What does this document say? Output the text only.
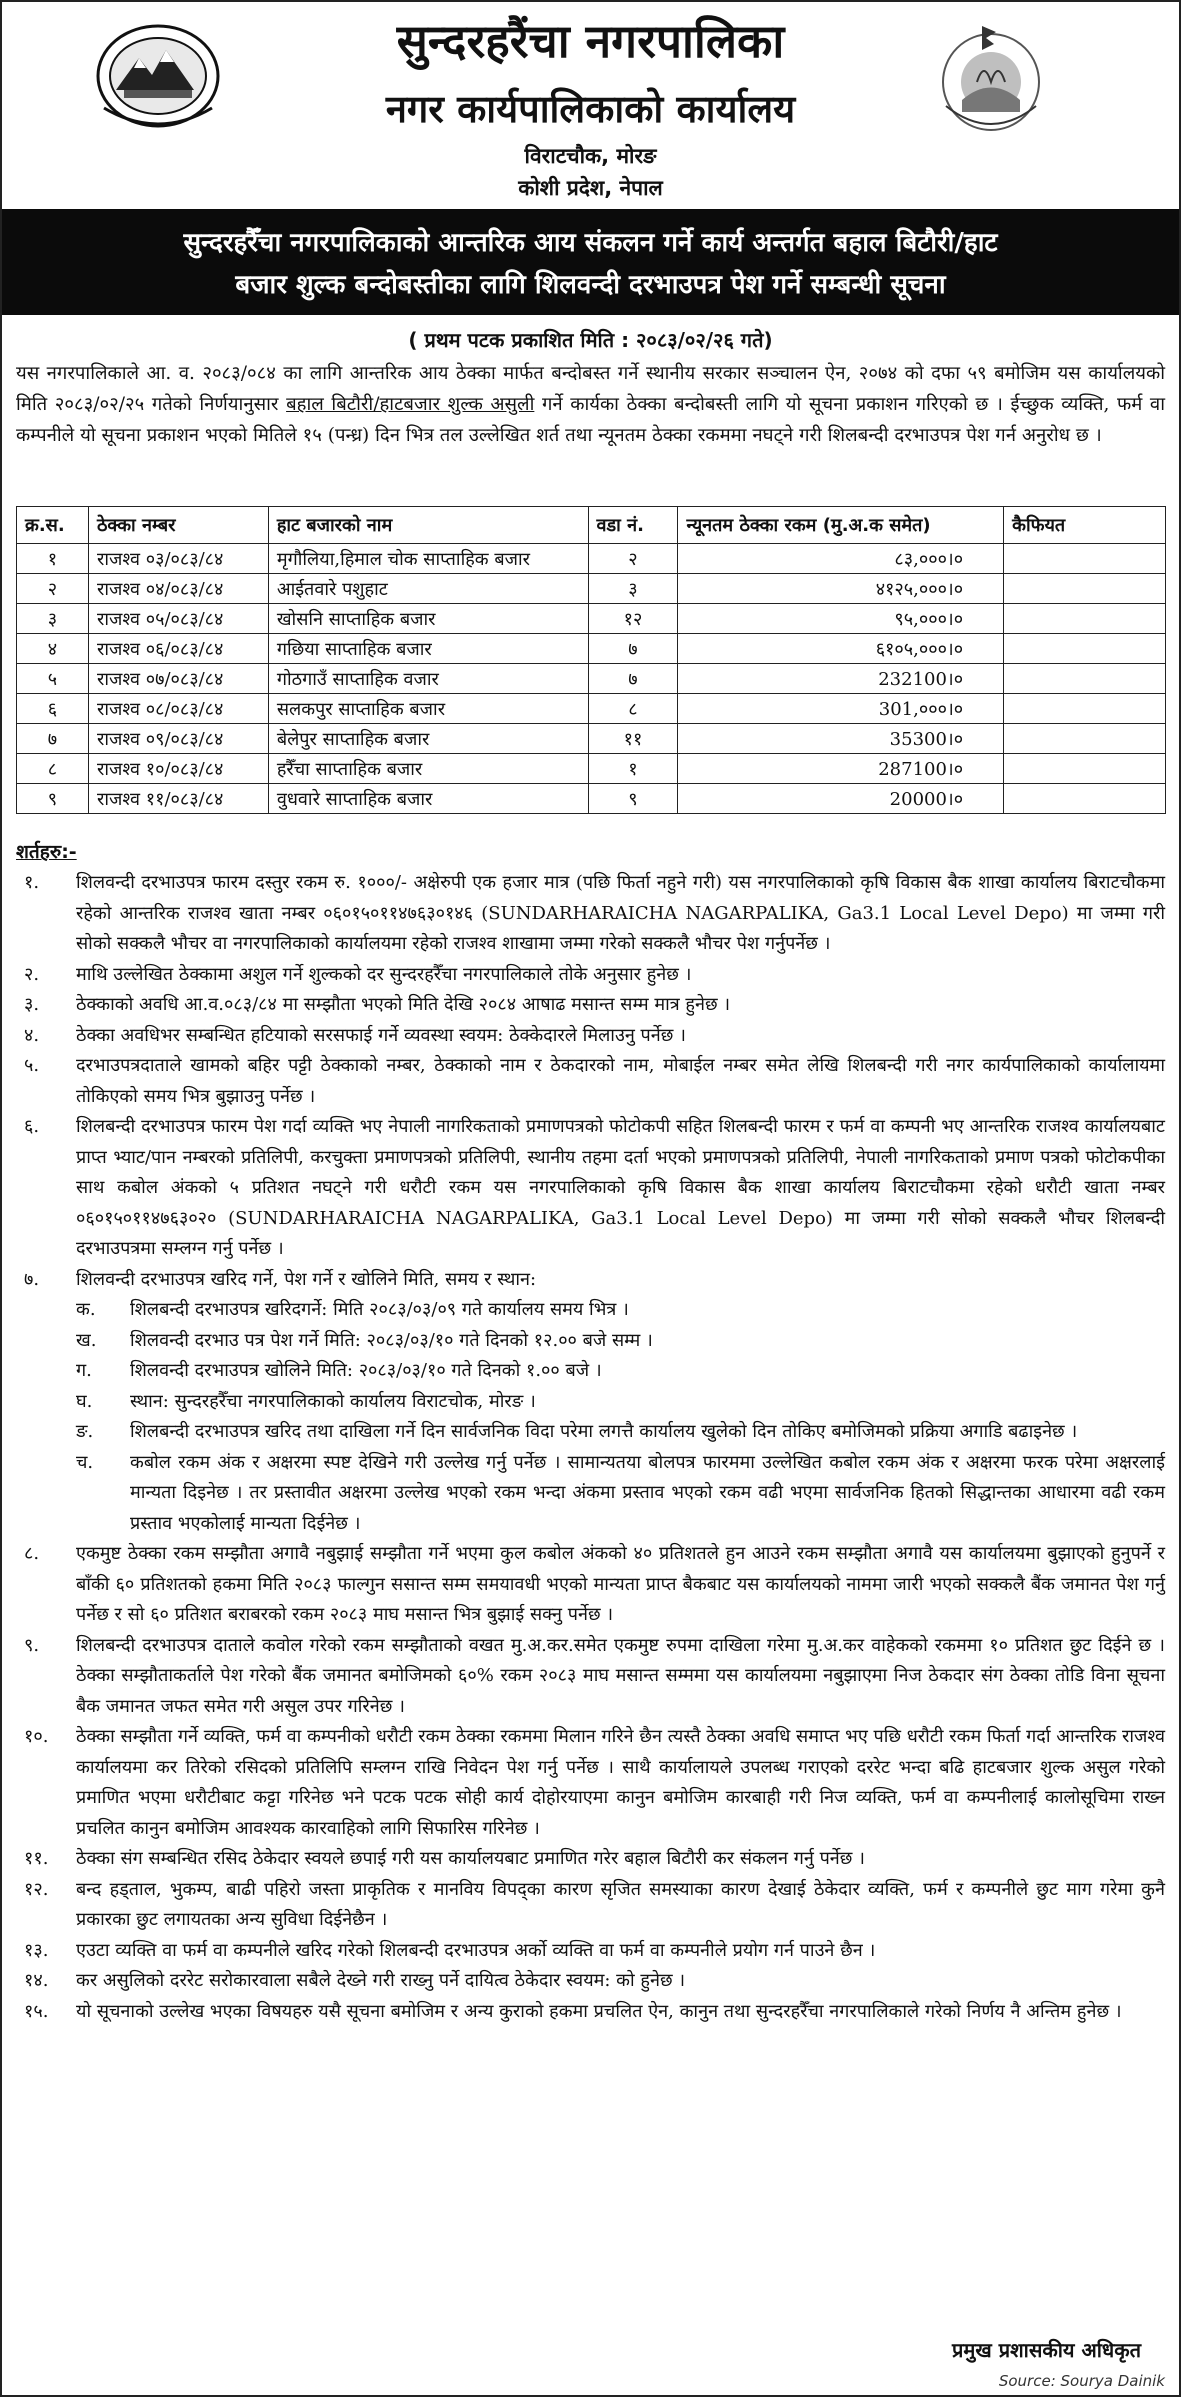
सुन्दरहरैंचा नगरपालिका
नगर कार्यपालिकाको कार्यालय
विराटचौक, मोरङ
कोशी प्रदेश, नेपाल
सुन्दरहरैँचा नगरपालिकाको आन्तरिक आय संकलन गर्ने कार्य अन्तर्गत बहाल बिटौरी/हाट
बजार शुल्क बन्दोबस्तीका लागि शिलवन्दी दरभाउपत्र पेश गर्ने सम्बन्धी सूचना
( प्रथम पटक प्रकाशित मिति : २०८३/०२/२६ गते)
यस नगरपालिकाले आ. व. २०८३/०८४ का लागि आन्तरिक आय ठेक्का मार्फत बन्दोबस्त गर्ने स्थानीय सरकार सञ्चालन ऐन, २०७४ को दफा ५९ बमोजिम यस कार्यालयको मिति २०८३/०२/२५ गतेको निर्णयानुसार बहाल बिटौरी/हाटबजार शुल्क असुली गर्ने कार्यका ठेक्का बन्दोबस्ती लागि यो सूचना प्रकाशन गरिएको छ । ईच्छुक व्यक्ति, फर्म वा कम्पनीले यो सूचना प्रकाशन भएको मितिले १५ (पन्ध्र) दिन भित्र तल उल्लेखित शर्त तथा न्यूनतम ठेक्का रकममा नघट्ने गरी शिलबन्दी दरभाउपत्र पेश गर्न अनुरोध छ ।
क्र.स.	ठेक्का नम्बर	हाट बजारको नाम	वडा नं.	न्यूनतम ठेक्का रकम (मु.अ.क समेत)	कैफियत
१	राजश्व ०३/०८३/८४	मृगौलिया,हिमाल चोक साप्ताहिक बजार	२	८३,०००।०	
२	राजश्व ०४/०८३/८४	आईतवारे पशुहाट	३	४१२५,०००।०	
३	राजश्व ०५/०८३/८४	खोसनि साप्ताहिक बजार	१२	९५,०००।०	
४	राजश्व ०६/०८३/८४	गछिया साप्ताहिक बजार	७	६१०५,०००।०	
५	राजश्व ०७/०८३/८४	गोठगाउँ साप्ताहिक वजार	७	232100।०	
६	राजश्व ०८/०८३/८४	सलकपुर साप्ताहिक बजार	८	301,०००।०	
७	राजश्व ०९/०८३/८४	बेलेपुर साप्ताहिक बजार	११	35300।०	
८	राजश्व १०/०८३/८४	हरैँचा साप्ताहिक बजार	१	287100।०	
९	राजश्व ११/०८३/८४	वुधवारे साप्ताहिक बजार	९	20000।०	
शर्तहरु:-
१.	शिलवन्दी दरभाउपत्र फारम दस्तुर रकम रु. १०००/- अक्षेरुपी एक हजार मात्र (पछि फिर्ता नहुने गरी) यस नगरपालिकाको कृषि विकास बैक शाखा कार्यालय बिराटचौकमा रहेको आन्तरिक राजश्व खाता नम्बर ०६०१५०११४७६३०१४६ (SUNDARHARAICHA NAGARPALIKA, Ga3.1 Local Level Depo) मा जम्मा गरी सोको सक्कलै भौचर वा नगरपालिकाको कार्यालयमा रहेको राजश्व शाखामा जम्मा गरेको सक्कलै भौचर पेश गर्नुपर्नेछ ।
२.	माथि उल्लेखित ठेक्कामा अशुल गर्ने शुल्कको दर सुन्दरहरैँचा नगरपालिकाले तोके अनुसार हुनेछ ।
३.	ठेक्काको अवधि आ.व.०८३/८४ मा सम्झौता भएको मिति देखि २०८४ आषाढ मसान्त सम्म मात्र हुनेछ ।
४.	ठेक्का अवधिभर सम्बन्धित हटियाको सरसफाई गर्ने व्यवस्था स्वयम: ठेक्केदारले मिलाउनु पर्नेछ ।
५.	दरभाउपत्रदाताले खामको बहिर पट्टी ठेक्काको नम्बर, ठेक्काको नाम र ठेकदारको नाम, मोबाईल नम्बर समेत लेखि शिलबन्दी गरी नगर कार्यपालिकाको कार्यालायमा तोकिएको समय भित्र बुझाउनु पर्नेछ ।
६.	शिलबन्दी दरभाउपत्र फारम पेश गर्दा व्यक्ति भए नेपाली नागरिकताको प्रमाणपत्रको फोटोकपी सहित शिलबन्दी फारम र फर्म वा कम्पनी भए आन्तरिक राजश्व कार्यालयबाट प्राप्त भ्याट/पान नम्बरको प्रतिलिपी, करचुक्ता प्रमाणपत्रको प्रतिलिपी, स्थानीय तहमा दर्ता भएको प्रमाणपत्रको प्रतिलिपी, नेपाली नागरिकताको प्रमाण पत्रको फोटोकपीका साथ कबोल अंकको ५ प्रतिशत नघट्ने गरी धरौटी रकम यस नगरपालिकाको कृषि विकास बैक शाखा कार्यालय बिराटचौकमा रहेको धरौटी खाता नम्बर ०६०१५०११४७६३०२० (SUNDARHARAICHA NAGARPALIKA, Ga3.1 Local Level Depo) मा जम्मा गरी सोको सक्कलै भौचर शिलबन्दी दरभाउपत्रमा सम्लग्न गर्नु पर्नेछ ।
७.	शिलवन्दी दरभाउपत्र खरिद गर्ने, पेश गर्ने र खोलिने मिति, समय र स्थान:
क.	शिलबन्दी दरभाउपत्र खरिदगर्ने: मिति २०८३/०३/०९ गते कार्यालय समय भित्र ।
ख.	शिलवन्दी दरभाउ पत्र पेश गर्ने मिति: २०८३/०३/१० गते दिनको १२.०० बजे सम्म ।
ग.	शिलवन्दी दरभाउपत्र खोलिने मिति: २०८३/०३/१० गते दिनको १.०० बजे ।
घ.	स्थान: सुन्दरहरैँचा नगरपालिकाको कार्यालय विराटचोक, मोरङ ।
ङ.	शिलबन्दी दरभाउपत्र खरिद तथा दाखिला गर्ने दिन सार्वजनिक विदा परेमा लगत्तै कार्यालय खुलेको दिन तोकिए बमोजिमको प्रक्रिया अगाडि बढाइनेछ ।
च.	कबोल रकम अंक र अक्षरमा स्पष्ट देखिने गरी उल्लेख गर्नु पर्नेछ । सामान्यतया बोलपत्र फारममा उल्लेखित कबोल रकम अंक र अक्षरमा फरक परेमा अक्षरलाई मान्यता दिइनेछ । तर प्रस्तावीत अक्षरमा उल्लेख भएको रकम भन्दा अंकमा प्रस्ताव भएको रकम वढी भएमा सार्वजनिक हितको सिद्धान्तका आधारमा वढी रकम प्रस्ताव भएकोलाई मान्यता दिईनेछ ।
८.	एकमुष्ट ठेक्का रकम सम्झौता अगावै नबुझाई सम्झौता गर्ने भएमा कुल कबोल अंकको ४० प्रतिशतले हुन आउने रकम सम्झौता अगावै यस कार्यालयमा बुझाएको हुनुपर्ने र बाँकी ६० प्रतिशतको हकमा मिति २०८३ फाल्गुन ससान्त सम्म समयावधी भएको मान्यता प्राप्त बैकबाट यस कार्यालयको नाममा जारी भएको सक्कलै बैंक जमानत पेश गर्नु पर्नेछ र सो ६० प्रतिशत बराबरको रकम २०८३ माघ मसान्त भित्र बुझाई सक्नु पर्नेछ ।
९.	शिलबन्दी दरभाउपत्र दाताले कवोल गरेको रकम सम्झौताको वखत मु.अ.कर.समेत एकमुष्ट रुपमा दाखिला गरेमा मु.अ.कर वाहेकको रकममा १० प्रतिशत छुट दिईने छ । ठेक्का सम्झौताकर्ताले पेश गरेको बैंक जमानत बमोजिमको ६०% रकम २०८३ माघ मसान्त सम्ममा यस कार्यालयमा नबुझाएमा निज ठेकदार संग ठेक्का तोडि विना सूचना बैक जमानत जफत समेत गरी असुल उपर गरिनेछ ।
१०.	ठेक्का सम्झौता गर्ने व्यक्ति, फर्म वा कम्पनीको धरौटी रकम ठेक्का रकममा मिलान गरिने छैन त्यस्तै ठेक्का अवधि समाप्त भए पछि धरौटी रकम फिर्ता गर्दा आन्तरिक राजश्व कार्यालयमा कर तिरेको रसिदको प्रतिलिपि सम्लग्न राखि निवेदन पेश गर्नु पर्नेछ । साथै कार्यालायले उपलब्ध गराएको दररेट भन्दा बढि हाटबजार शुल्क असुल गरेको प्रमाणित भएमा धरौटीबाट कट्टा गरिनेछ भने पटक पटक सोही कार्य दोहोरयाएमा कानुन बमोजिम कारबाही गरी निज व्यक्ति, फर्म वा कम्पनीलाई कालोसूचिमा राख्न प्रचलित कानुन बमोजिम आवश्यक कारवाहिको लागि सिफारिस गरिनेछ ।
११.	ठेक्का संग सम्बन्धित रसिद ठेकेदार स्वयले छपाई गरी यस कार्यालयबाट प्रमाणित गरेर बहाल बिटौरी कर संकलन गर्नु पर्नेछ ।
१२.	बन्द हड्ताल, भुकम्प, बाढी पहिरो जस्ता प्राकृतिक र मानविय विपद्का कारण सृजित समस्याका कारण देखाई ठेकेदार व्यक्ति, फर्म र कम्पनीले छुट माग गरेमा कुनै प्रकारका छुट लगायतका अन्य सुविधा दिईनेछैन ।
१३.	एउटा व्यक्ति वा फर्म वा कम्पनीले खरिद गरेको शिलबन्दी दरभाउपत्र अर्को व्यक्ति वा फर्म वा कम्पनीले प्रयोग गर्न पाउने छैन ।
१४.	कर असुलिको दररेट सरोकारवाला सबैले देख्ने गरी राख्नु पर्ने दायित्व ठेकेदार स्वयम: को हुनेछ ।
१५.	यो सूचनाको उल्लेख भएका विषयहरु यसै सूचना बमोजिम र अन्य कुराको हकमा प्रचलित ऐन, कानुन तथा सुन्दरहरैँचा नगरपालिकाले गरेको निर्णय नै अन्तिम हुनेछ ।
प्रमुख प्रशासकीय अधिकृत
Source: Sourya Dainik
